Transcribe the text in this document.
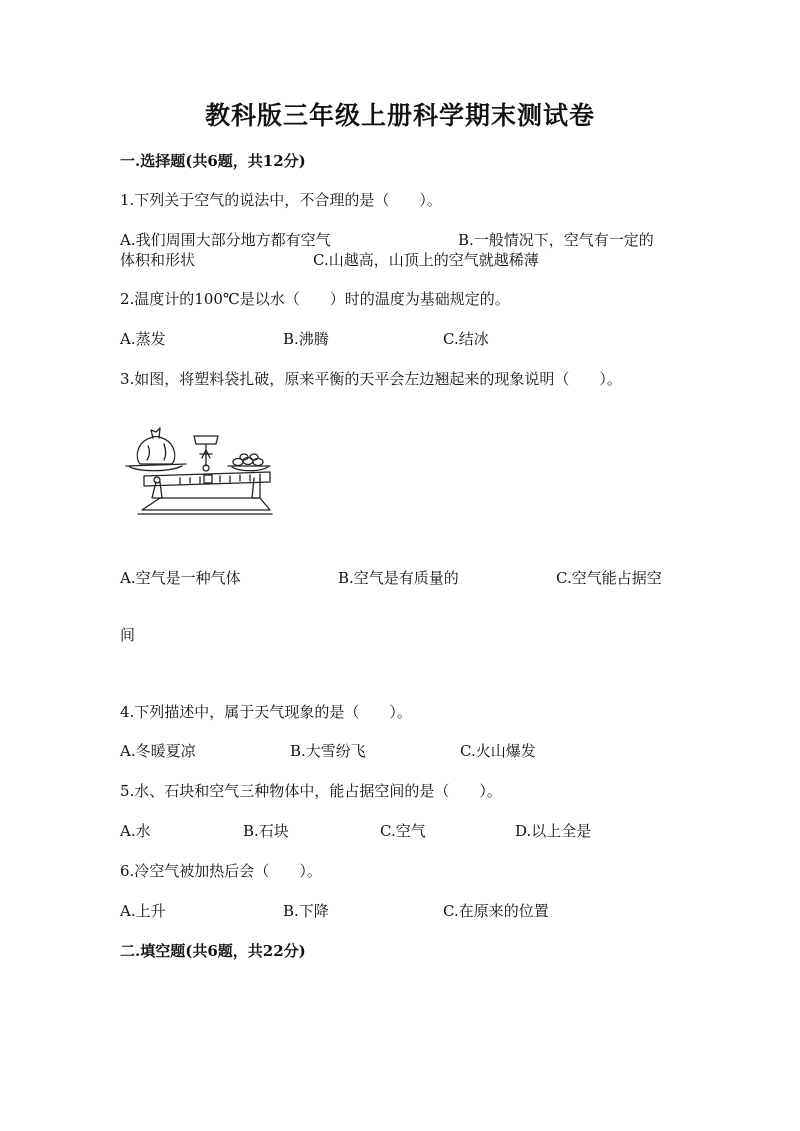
教科版三年级上册科学期末测试卷
一.选择题(共6题，共12分)
1.下列关于空气的说法中，不合理的是（　　）。
A.我们周围大部分地方都有空气	B.一般情况下，空气有一定的
体积和形状	C.山越高，山顶上的空气就越稀薄
2.温度计的100℃是以水（　　）时的温度为基础规定的。
A.蒸发	B.沸腾	C.结冰
3.如图，将塑料袋扎破，原来平衡的天平会左边翘起来的现象说明（　　）。
A.空气是一种气体	B.空气是有质量的	C.空气能占据空
间
4.下列描述中，属于天气现象的是（　　）。
A.冬暖夏凉	B.大雪纷飞	C.火山爆发
5.水、石块和空气三种物体中，能占据空间的是（　　）。
A.水	B.石块	C.空气	D.以上全是
6.冷空气被加热后会（　　）。
A.上升	B.下降	C.在原来的位置
二.填空题(共6题，共22分)
